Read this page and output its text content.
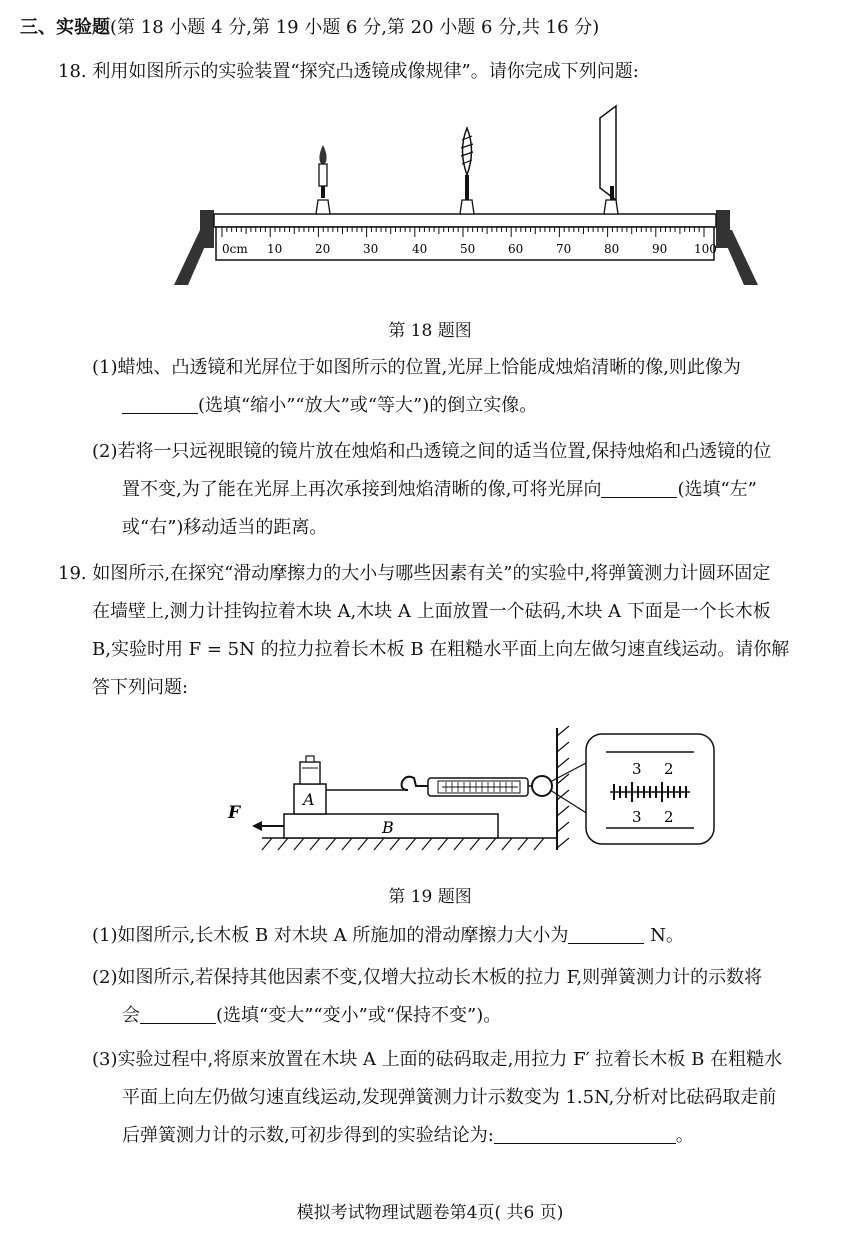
三、实验题(第 18 小题 4 分,第 19 小题 6 分,第 20 小题 6 分,共 16 分)
18. 利用如图所示的实验装置“探究凸透镜成像规律”。请你完成下列问题:
0cm 10	20	30	40	50	60	70	80	90 100
第 18 题图
(1)蜡烛、凸透镜和光屏位于如图所示的位置,光屏上恰能成烛焰清晰的像,则此像为
(选填“缩小”“放大”或“等大”)的倒立实像。
(2)若将一只远视眼镜的镜片放在烛焰和凸透镜之间的适当位置,保持烛焰和凸透镜的位
置不变,为了能在光屏上再次承接到烛焰清晰的像,可将光屏向	(选填“左”
或“右”)移动适当的距离。
19. 如图所示,在探究“滑动摩擦力的大小与哪些因素有关”的实验中,将弹簧测力计圆环固定
在墙壁上,测力计挂钩拉着木块 A,木块 A 上面放置一个砝码,木块 A 下面是一个长木板
B,实验时用 F = 5N 的拉力拉着长木板 B 在粗糙水平面上向左做匀速直线运动。请你解
答下列问题:
B
A
F
3 2
3 2
第 19 题图
(1)如图所示,长木板 B 对木块 A 所施加的滑动摩擦力大小为	N。
(2)如图所示,若保持其他因素不变,仅增大拉动长木板的拉力 F,则弹簧测力计的示数将
会	(选填“变大”“变小”或“保持不变”)。
(3)实验过程中,将原来放置在木块 A 上面的砝码取走,用拉力 F′ 拉着长木板 B 在粗糙水
平面上向左仍做匀速直线运动,发现弹簧测力计示数变为 1.5N,分析对比砝码取走前
后弹簧测力计的示数,可初步得到的实验结论为:	。
模拟考试物理试题卷第4页( 共6 页)
